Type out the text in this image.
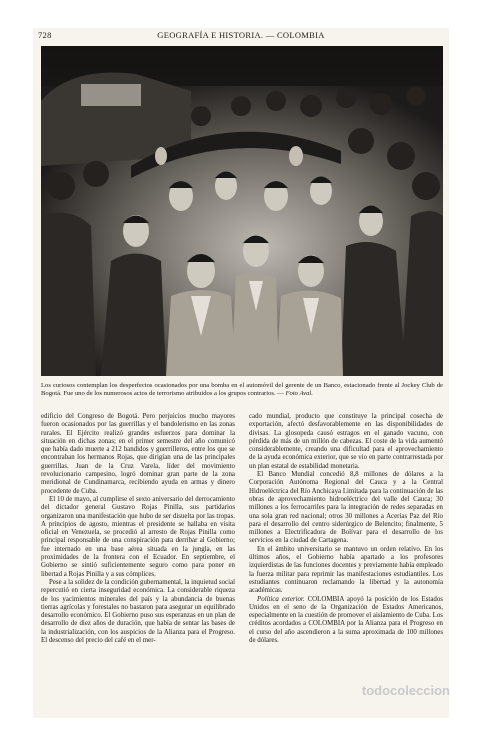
728	GEOGRAFÍA E HISTORIA. — COLOMBIA
Los curiosos contemplan los desperfectos ocasionados por una bomba en el automóvil del gerente de un Banco, estacionado frente al Jockey Club de Bogotá. Fue uno de los numerosos actos de terrorismo atribuidos a los grupos contrarios. — Foto Aval.

edificio del Congreso de Bogotá. Pero perjuicios mucho mayores fueron ocasionados por las guerrillas y el bandolerismo en las zonas rurales. El Ejército realizó grandes esfuerzos para dominar la situación en dichas zonas; en el primer semestre del año comunicó que había dado muerte a 212 bandidos y guerrilleros, entre los que se encontraban los hermanos Rojas, que dirigían una de las principales guerrillas. Juan de la Cruz Varela, líder del movimiento revolucionario campesino, logró dominar gran parte de la zona meridional de Cundinamarca, recibiendo ayuda en armas y dinero procedente de Cuba.

El 10 de mayo, al cumplirse el sexto aniversario del derrocamiento del dictador general Gustavo Rojas Pinilla, sus partidarios organizaron una manifestación que hubo de ser disuelta por las tropas. A principios de agosto, mientras el presidente se hallaba en visita oficial en Venezuela, se procedió al arresto de Rojas Pinilla como principal responsable de una conspiración para derribar al Gobierno; fue internado en una base aérea situada en la jungla, en las proximidades de la frontera con el Ecuador. En septiembre, el Gobierno se sintió suficientemente seguro como para poner en libertad a Rojas Pinilla y a sus cómplices.

Pese a la solidez de la condición gubernamental, la inquietud social repercutió en cierta inseguridad económica. La considerable riqueza de los yacimientos minerales del país y la abundancia de buenas tierras agrícolas y forestales no bastaron para asegurar un equilibrado desarrollo económico. El Gobierno puso sus esperanzas en un plan de desarrollo de diez años de duración, que había de sentar las bases de la industrialización, con los auspicios de la Alianza para el Progreso. El descenso del precio del café en el mer-

cado mundial, producto que constituye la principal cosecha de exportación, afectó desfavorablemente en las disponibilidades de divisas. La glosopeda causó estragos en el ganado vacuno, con pérdida de más de un millón de cabezas. El coste de la vida aumentó considerablemente, creando una dificultad para el aprovechamiento de la ayuda económica exterior, que se vio en parte contrarrestada por un plan estatal de estabilidad monetaria.

El Banco Mundial concedió 8,8 millones de dólares a la Corporación Autónoma Regional del Cauca y a la Central Hidroeléctrica del Río Anchicaya Limitada para la continuación de las obras de aprovechamiento hidroeléctrico del valle del Cauca; 30 millones a los ferrocarriles para la integración de redes separadas en una sola gran red nacional; otros 30 millones a Acerías Paz del Río para el desarrollo del centro siderúrgico de Belencito; finalmente, 5 millones a Electrificadora de Bolívar para el desarrollo de los servicios en la ciudad de Cartagena.

En el ámbito universitario se mantuvo un orden relativo. En los últimos años, el Gobierno había apartado a los profesores izquierdistas de las funciones docentes y previamente había empleado la fuerza militar para reprimir las manifestaciones estudiantiles. Los estudiantes continuaron reclamando la libertad y la autonomía académicas.

Política exterior. COLOMBIA apoyó la posición de los Estados Unidos en el seno de la Organización de Estados Americanos, especialmente en la cuestión de promover el aislamiento de Cuba. Los créditos acordados a COLOMBIA por la Alianza para el Progreso en el curso del año ascendieron a la suma aproximada de 100 millones de dólares.

todocoleccion
